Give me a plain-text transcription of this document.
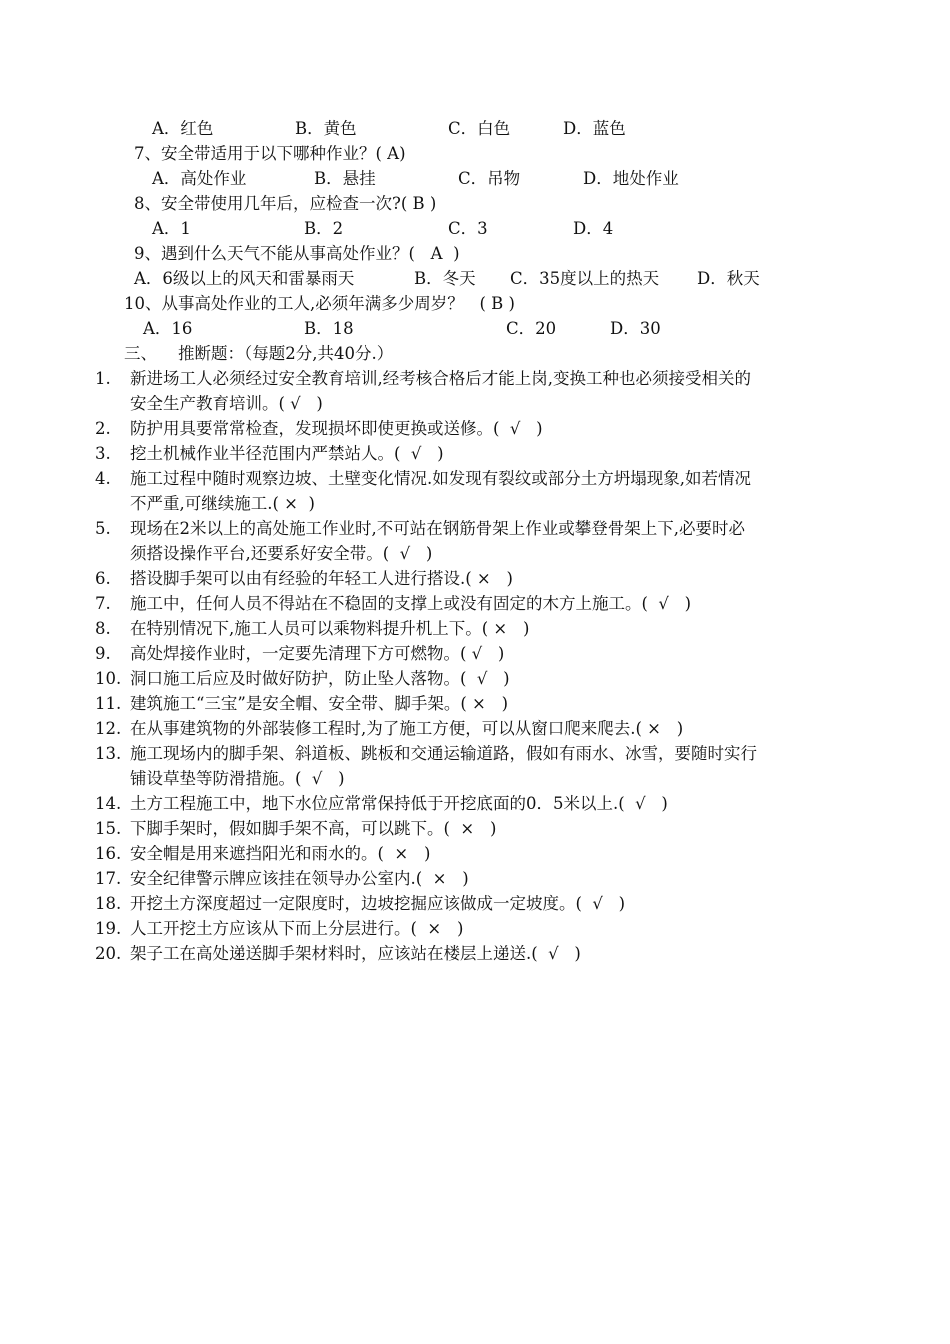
A．红色	B．黄色	C．白色	D．蓝色
7、安全带适用于以下哪种作业？( A)
A．高处作业	B．悬挂	C．吊物	D．地处作业
8、安全带使用几年后，应检查一次?( B )
A．1	B．2	C．3	D．4
9、遇到什么天气不能从事高处作业？(   A  )
A．6级以上的风天和雷暴雨天	B．冬天 C．35度以上的热天 D．秋天
10、从事高处作业的工人,必须年满多少周岁？   ( B )
A．16	B．18	C．20	D．30
三、    推断题：（每题2分,共40分.）
1. 新进场工人必须经过安全教育培训,经考核合格后才能上岗,变换工种也必须接受相关的
安全生产教育培训。( √   )
2. 防护用具要常常检查，发现损坏即使更换或送修。(  √   )
3. 挖土机械作业半径范围内严禁站人。(  √   )
4. 施工过程中随时观察边坡、土壁变化情况.如发现有裂纹或部分土方坍塌现象,如若情况
不严重,可继续施工.( ×  )
5. 现场在2米以上的高处施工作业时,不可站在钢筋骨架上作业或攀登骨架上下,必要时必
须搭设操作平台,还要系好安全带。(  √   )
6. 搭设脚手架可以由有经验的年轻工人进行搭设.( ×   )
7. 施工中，任何人员不得站在不稳固的支撑上或没有固定的木方上施工。(  √   )
8. 在特别情况下,施工人员可以乘物料提升机上下。( ×   )
9. 高处焊接作业时，一定要先清理下方可燃物。( √   )
10. 洞口施工后应及时做好防护，防止坠人落物。(  √   )
11. 建筑施工“三宝”是安全帽、安全带、脚手架。( ×   )
12. 在从事建筑物的外部装修工程时,为了施工方便，可以从窗口爬来爬去.( ×   )
13. 施工现场内的脚手架、斜道板、跳板和交通运输道路，假如有雨水、冰雪，要随时实行
铺设草垫等防滑措施。(  √   )
14. 土方工程施工中，地下水位应常常保持低于开挖底面的0．5米以上.(  √   )
15. 下脚手架时，假如脚手架不高，可以跳下。(  ×   )
16. 安全帽是用来遮挡阳光和雨水的。(  ×   )
17. 安全纪律警示牌应该挂在领导办公室内.(  ×   )
18. 开挖土方深度超过一定限度时，边坡挖掘应该做成一定坡度。(  √   )
19. 人工开挖土方应该从下而上分层进行。(  ×   )
20. 架子工在高处递送脚手架材料时，应该站在楼层上递送.(  √   )
